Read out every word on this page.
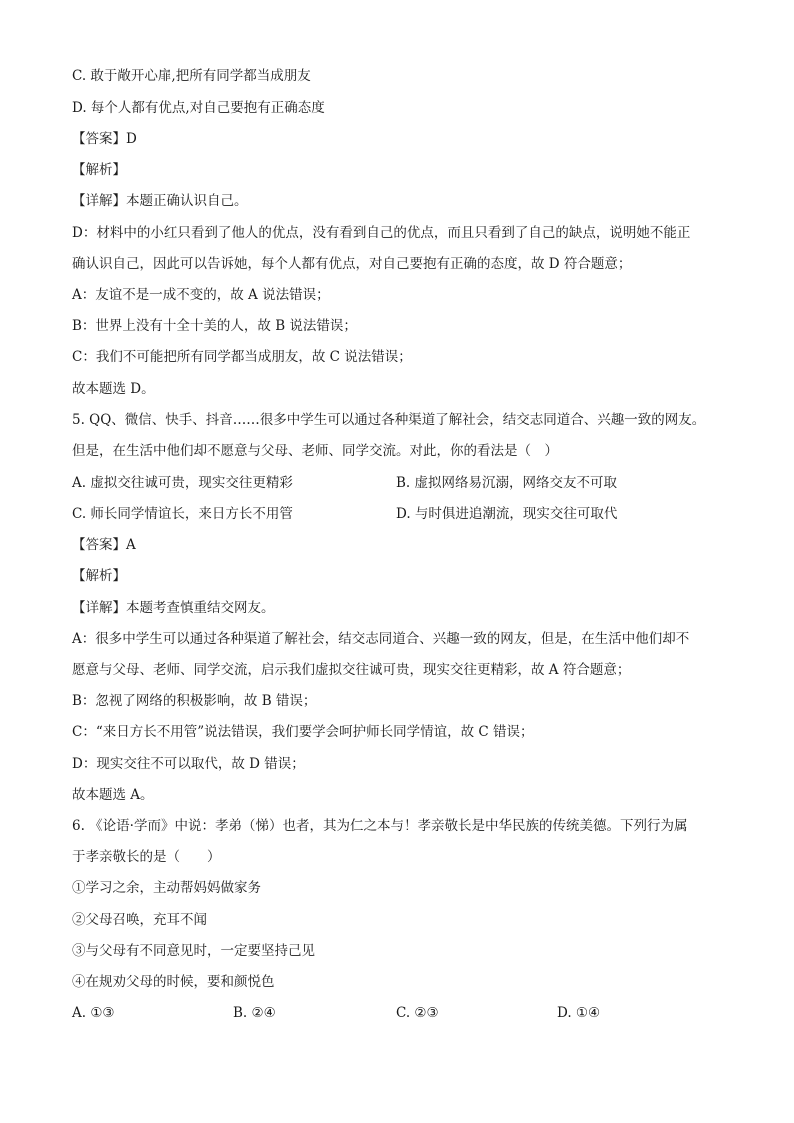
C. 敢于敞开心扉,把所有同学都当成朋友
D. 每个人都有优点,对自己要抱有正确态度
【答案】D
【解析】
【详解】本题正确认识自己。
D：材料中的小红只看到了他人的优点，没有看到自己的优点，而且只看到了自己的缺点，说明她不能正
确认识自己，因此可以告诉她，每个人都有优点，对自己要抱有正确的态度，故 D 符合题意；
A：友谊不是一成不变的，故 A 说法错误；
B：世界上没有十全十美的人，故 B 说法错误；
C：我们不可能把所有同学都当成朋友，故 C 说法错误；
故本题选 D。
5. QQ、微信、快手、抖音……很多中学生可以通过各种渠道了解社会，结交志同道合、兴趣一致的网友。
但是，在生活中他们却不愿意与父母、老师、同学交流。对此，你的看法是（　）
A. 虚拟交往诚可贵，现实交往更精彩	B. 虚拟网络易沉溺，网络交友不可取
C. 师长同学情谊长，来日方长不用管	D. 与时俱进追潮流，现实交往可取代
【答案】A
【解析】
【详解】本题考查慎重结交网友。
A：很多中学生可以通过各种渠道了解社会，结交志同道合、兴趣一致的网友，但是，在生活中他们却不
愿意与父母、老师、同学交流，启示我们虚拟交往诚可贵，现实交往更精彩，故 A 符合题意；
B：忽视了网络的积极影响，故 B 错误；
C：“来日方长不用管”说法错误，我们要学会呵护师长同学情谊，故 C 错误；
D：现实交往不可以取代，故 D 错误；
故本题选 A。
6. 《论语·学而》中说：孝弟（悌）也者，其为仁之本与！孝亲敬长是中华民族的传统美德。下列行为属
于孝亲敬长的是（　　）
①学习之余，主动帮妈妈做家务
②父母召唤，充耳不闻
③与父母有不同意见时，一定要坚持己见
④在规劝父母的时候，要和颜悦色
A. ①③	B. ②④	C. ②③	D. ①④
